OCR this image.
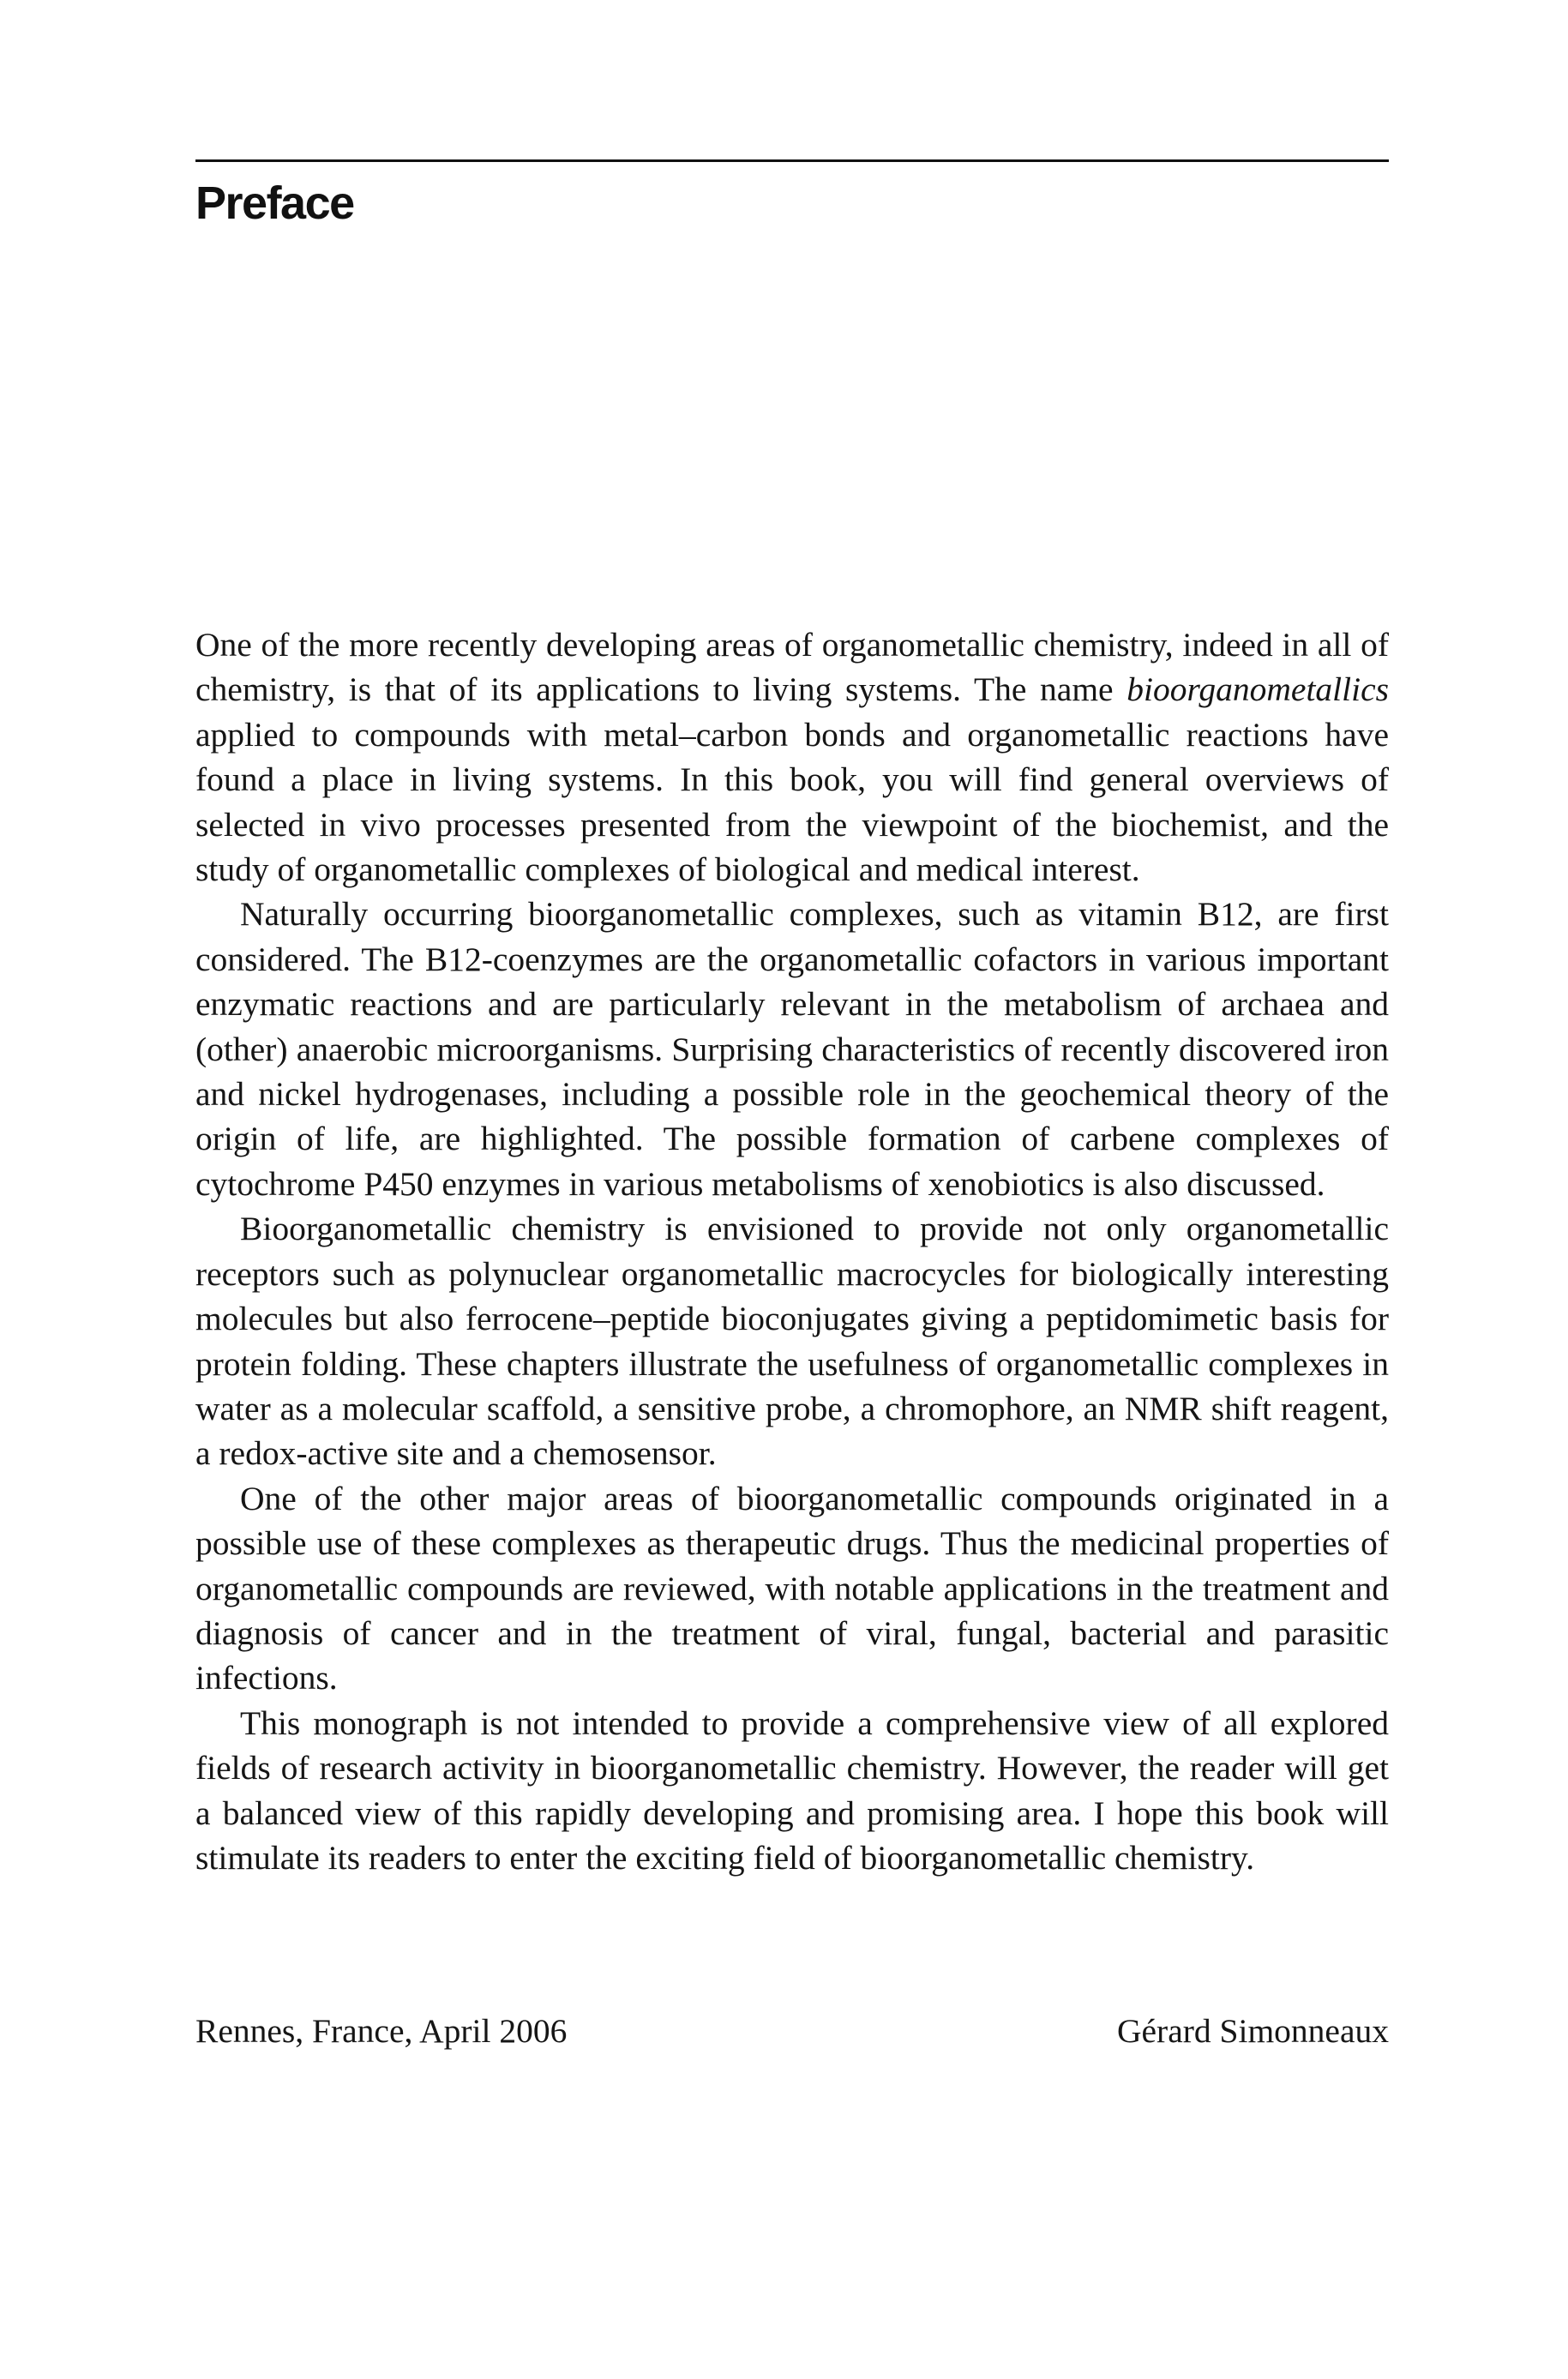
Preface

One of the more recently developing areas of organometallic chemistry, indeed in all of chemistry, is that of its applications to living systems. The name bioorganometallics applied to compounds with metal–carbon bonds and organometallic reactions have found a place in living systems. In this book, you will find general overviews of selected in vivo processes presented from the viewpoint of the biochemist, and the study of organometallic complexes of biological and medical interest.

Naturally occurring bioorganometallic complexes, such as vitamin B12, are first considered. The B12-coenzymes are the organometallic cofactors in various important enzymatic reactions and are particularly relevant in the metabolism of archaea and (other) anaerobic microorganisms. Surprising characteristics of recently discovered iron and nickel hydrogenases, including a possible role in the geochemical theory of the origin of life, are highlighted. The possible formation of carbene complexes of cytochrome P450 enzymes in various metabolisms of xenobiotics is also discussed.

Bioorganometallic chemistry is envisioned to provide not only organometallic receptors such as polynuclear organometallic macrocycles for biologically interesting molecules but also ferrocene–peptide bioconjugates giving a peptidomimetic basis for protein folding. These chapters illustrate the usefulness of organometallic complexes in water as a molecular scaffold, a sensitive probe, a chromophore, an NMR shift reagent, a redox-active site and a chemosensor.

One of the other major areas of bioorganometallic compounds originated in a possible use of these complexes as therapeutic drugs. Thus the medicinal properties of organometallic compounds are reviewed, with notable applications in the treatment and diagnosis of cancer and in the treatment of viral, fungal, bacterial and parasitic infections.

This monograph is not intended to provide a comprehensive view of all explored fields of research activity in bioorganometallic chemistry. However, the reader will get a balanced view of this rapidly developing and promising area. I hope this book will stimulate its readers to enter the exciting field of bioorganometallic chemistry.

Rennes, France, April 2006	Gérard Simonneaux
